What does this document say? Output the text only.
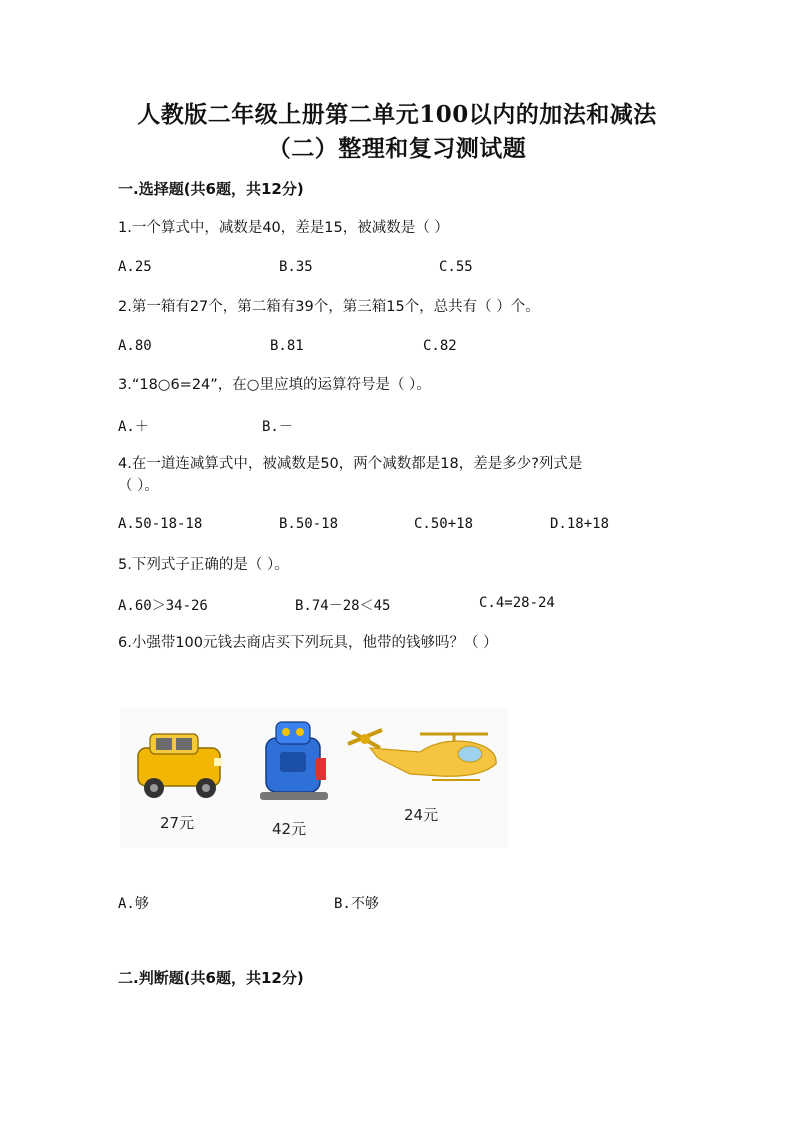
人教版二年级上册第二单元100以内的加法和减法
（二）整理和复习测试题
一.选择题(共6题，共12分)
1.一个算式中，减数是40，差是15，被减数是（ ）
A.25	B.35	C.55
2.第一箱有27个，第二箱有39个，第三箱15个，总共有（ ）个。
A.80	B.81	C.82
3.“18○6=24”，在○里应填的运算符号是（ ）。
A.＋	B.－
4.在一道连减算式中，被减数是50，两个减数都是18，差是多少?列式是
（ ）。
A.50-18-18	B.50-18	C.50+18	D.18+18
5.下列式子正确的是（ ）。
A.60＞34-26	B.74－28＜45	C.4=28-24
6.小强带100元钱去商店买下列玩具，他带的钱够吗？（ ）
27元	42元
24元
A.够	B.不够
二.判断题(共6题，共12分)
